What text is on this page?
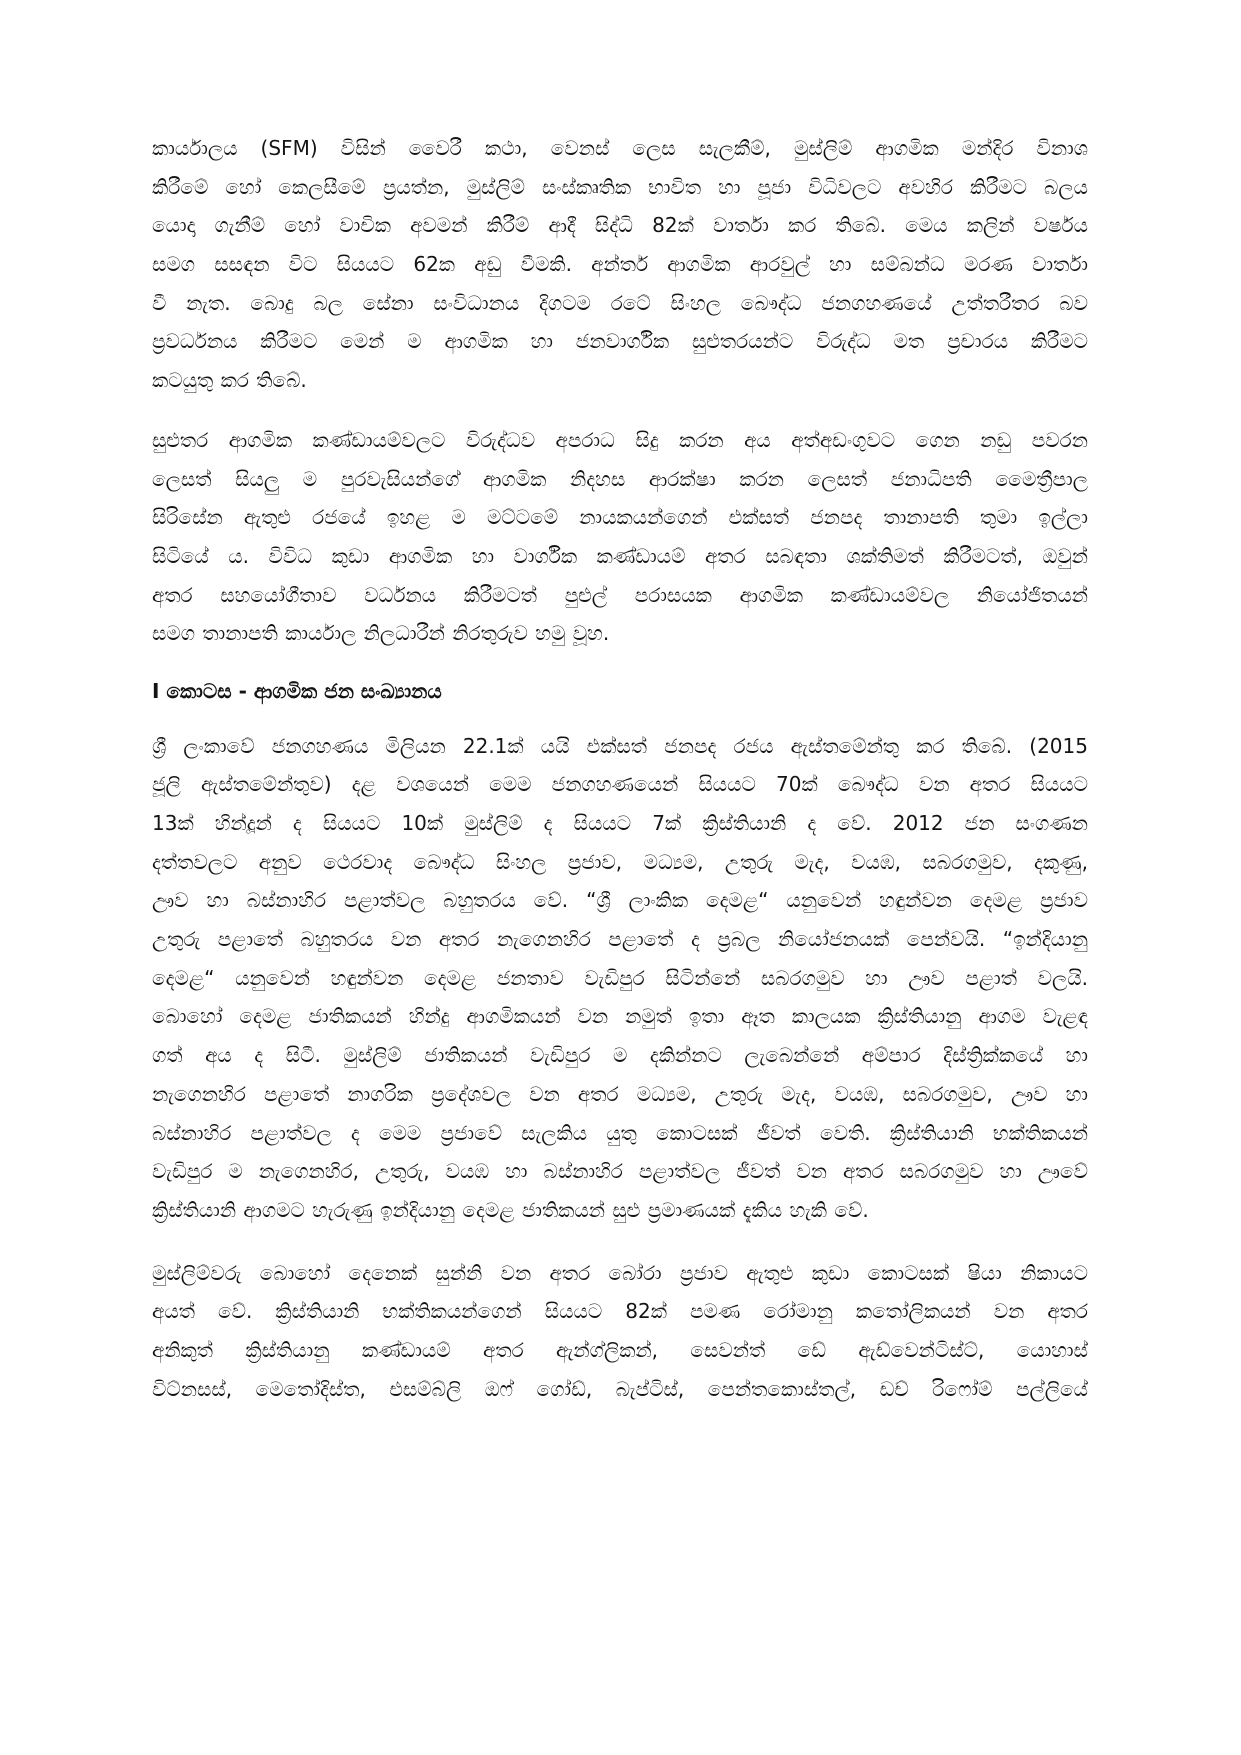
කාර්යාලය (SFM) විසින් වෛරී කථා, වෙනස් ලෙස සැලකීම්, මුස්ලිම් ආගමික මන්දිර විනාශ
කිරීමේ හෝ කෙලසීමේ ප්‍රයත්න, මුස්ලිම් සංස්කෘතික භාවිත හා පූජා විධිවලට අවහිර කිරීමට බලය
යොදා ගැනීම් හෝ වාචික අවමන් කිරීම් ආදී සිද්ධි 82ක් වාර්තා කර තිබේ. මෙය කලින් වර්ෂය
සමග සසඳන විට සියයට 62ක අඩු වීමකි. අන්තර් ආගමික ආරවුල් හා සම්බන්ධ මරණ වාර්තා
වී නැත. බොදු බල සේනා සංවිධානය දිගටම රටේ සිංහල බෞද්ධ ජනගහණයේ උත්තරීතර බව
ප්‍රවර්ධනය කිරීමට මෙන් ම ආගමික හා ජනවාර්ගික සුළුතරයන්ට විරුද්ධ මත ප්‍රචාරය කිරීමට
කටයුතු කර තිබේ.
සුළුතර ආගමික කණ්ඩායම්වලට විරුද්ධව අපරාධ සිදු කරන අය අත්අඩංගුවට ගෙන නඩු පවරන
ලෙසත් සියලු ම පුරවැසියන්ගේ ආගමික නිදහස ආරක්ෂා කරන ලෙසත් ජනාධිපති මෛත්‍රීපාල
සිරිසේන ඇතුළු රජයේ ඉහළ ම මට්ටමේ නායකයන්ගෙන් එක්සත් ජනපද තානාපති තුමා ඉල්ලා
සිටියේ ය. විවිධ කුඩා ආගමික හා වාර්ගික කණ්ඩායම් අතර සබඳතා ශක්තිමත් කිරීමටත්, ඔවුන්
අතර සහයෝගීතාව වර්ධනය කිරීමටත් පුළුල් පරාසයක ආගමික කණ්ඩායම්වල නියෝජිතයන්
සමග තානාපති කාර්යාල නිලධාරීන් නිරතුරුව හමු වූහ.
I කොටස - ආගමික ජන සංඛ්‍යානය
ශ්‍රී ලංකාවේ ජනගහණය මිලියන 22.1ක් යයි එක්සත් ජනපද රජය ඇස්තමේන්තු කර තිබේ. (2015
ජූලි ඇස්තමේන්තුව) දළ වශයෙන් මෙම ජනගහණයෙන් සියයට 70ක් බෞද්ධ වන අතර සියයට
13ක් හින්දූන් ද සියයට 10ක් මුස්ලිම් ද සියයට 7ක් ක්‍රිස්තියානි ද වේ. 2012 ජන සංගණන
දත්තවලට අනුව ථෙරවාද බෞද්ධ සිංහල ප්‍රජාව, මධ්‍යම, උතුරු මැද, වයඹ, සබරගමුව, දකුණු,
ඌව හා බස්නාහිර පළාත්වල බහුතරය වේ. “ශ්‍රී ලාංකික දෙමළ“ යනුවෙන් හඳුන්වන දෙමළ ප්‍රජාව
උතුරු පළාතේ බහුතරය වන අතර නැගෙනහිර පළාතේ ද ප්‍රබල නියෝජනයක් පෙන්වයි. “ඉන්දියානු
දෙමළ“ යනුවෙන් හඳුන්වන දෙමළ ජනතාව වැඩිපුර සිටින්නේ සබරගමුව හා ඌව පළාත් වලයි.
බොහෝ දෙමළ ජාතිකයන් හින්දු ආගමිකයන් වන නමුත් ඉතා ඈත කාලයක ක්‍රිස්තියානු ආගම වැළඳ
ගත් අය ද සිටී. මුස්ලිම් ජාතිකයන් වැඩිපුර ම දකින්නට ලැබෙන්නේ අම්පාර දිස්ත්‍රික්කයේ හා
නැගෙනහිර පළාතේ නාගරික ප්‍රදේශවල වන අතර මධ්‍යම, උතුරු මැද, වයඹ, සබරගමුව, ඌව හා
බස්නාහිර පළාත්වල ද මෙම ප්‍රජාවේ සැලකිය යුතු කොටසක් ජීවත් වෙති. ක්‍රිස්තියානි භක්තිකයන්
වැඩිපුර ම නැගෙනහිර, උතුරු, වයඹ හා බස්නාහිර පළාත්වල ජීවත් වන අතර සබරගමුව හා ඌවේ
ක්‍රිස්තියානි ආගමට හැරුණු ඉන්දියානු දෙමළ ජාතිකයන් සුළු ප්‍රමාණයක් දැකිය හැකි වේ.
මුස්ලිම්වරු බොහෝ දෙනෙක් සුන්නි වන අතර බෝරා ප්‍රජාව ඇතුළු කුඩා කොටසක් ෂියා නිකායට
අයත් වේ. ක්‍රිස්තියානි භක්තිකයන්ගෙන් සියයට 82ක් පමණ රෝමානු කතෝලිකයන් වන අතර
අනිකුත් ක්‍රිස්තියානු කණ්ඩායම් අතර ඇන්ග්ලිකන්, සෙවන්ත් ඩේ ඇඩ්වෙන්ටිස්ට්, යොහාස්
විට්නසස්, මෙතෝදිස්ත, එසම්බ්ලි ඔෆ් ගෝඩ්, බැප්ටිස්, පෙන්තකොස්තල්, ඩච් රිෆෝම් පල්ලියේ
